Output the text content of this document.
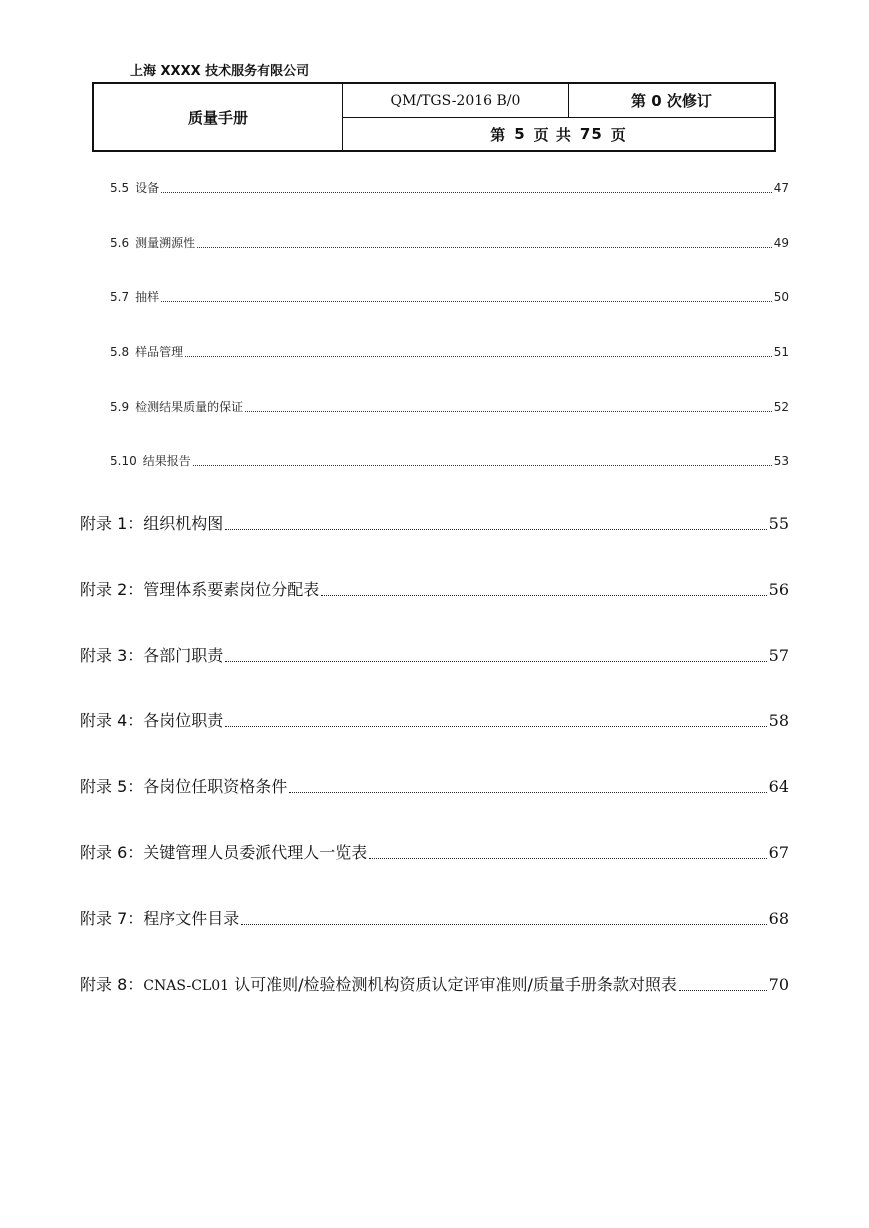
上海 XXXX 技术服务有限公司
质量手册
QM/TGS-2016 B/0	第 0 次修订
第 5 页 共 75 页
5.5 设备	47
5.6 测量溯源性	49
5.7 抽样	50
5.8 样品管理	51
5.9 检测结果质量的保证	52
5.10 结果报告	53
附录 1：组织机构图	55
附录 2：管理体系要素岗位分配表	56
附录 3：各部门职责	57
附录 4：各岗位职责	58
附录 5：各岗位任职资格条件	64
附录 6：关键管理人员委派代理人一览表	67
附录 7：程序文件目录	68
附录 8：CNAS-CL01 认可准则/检验检测机构资质认定评审准则/质量手册条款对照表	70
